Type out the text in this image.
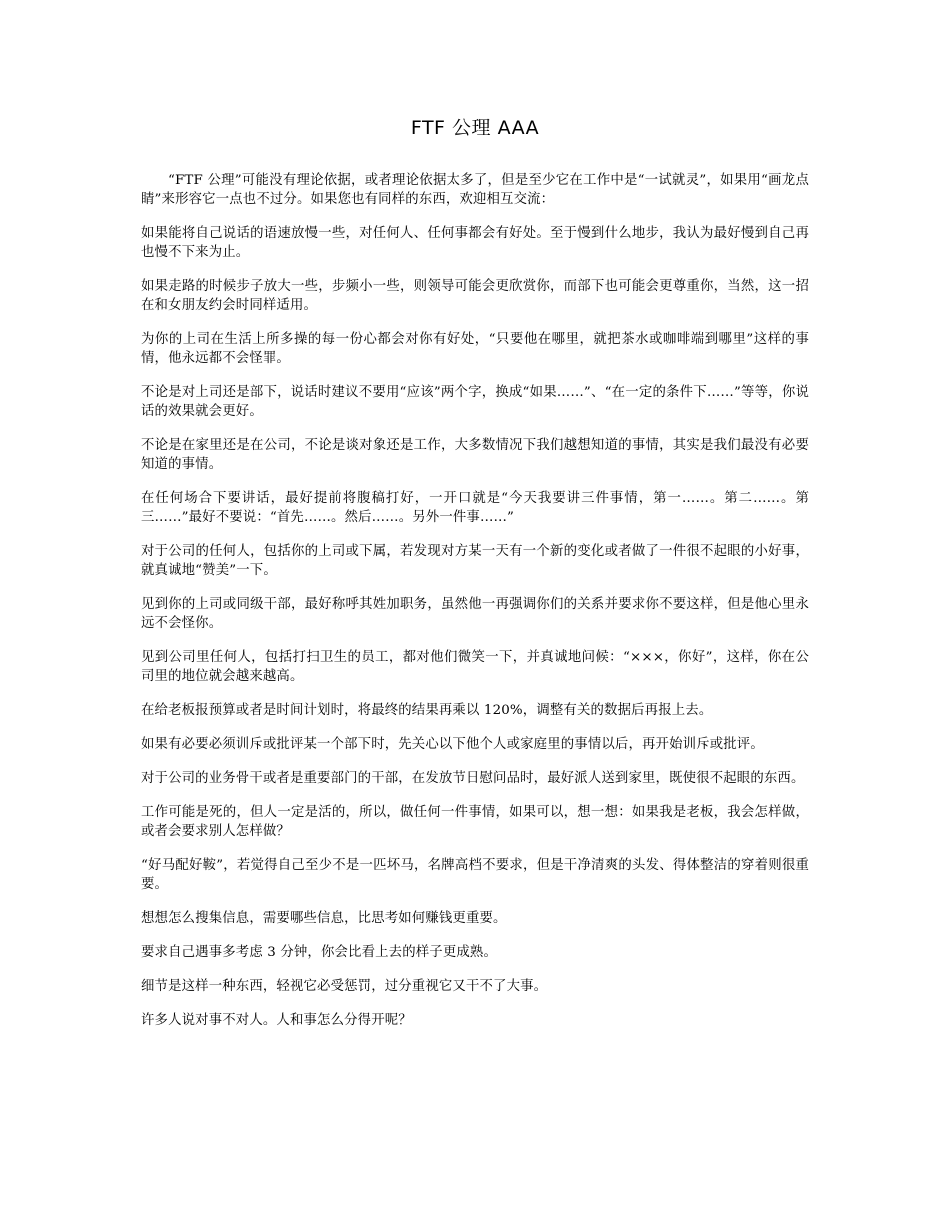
FTF 公理 AAA

“FTF 公理”可能没有理论依据，或者理论依据太多了，但是至少它在工作中是“一试就灵”，如果用“画龙点睛”来形容它一点也不过分。如果您也有同样的东西，欢迎相互交流：

如果能将自己说话的语速放慢一些，对任何人、任何事都会有好处。至于慢到什么地步，我认为最好慢到自己再也慢不下来为止。

如果走路的时候步子放大一些，步频小一些，则领导可能会更欣赏你，而部下也可能会更尊重你，当然，这一招在和女朋友约会时同样适用。

为你的上司在生活上所多操的每一份心都会对你有好处，“只要他在哪里，就把茶水或咖啡端到哪里”这样的事情，他永远都不会怪罪。

不论是对上司还是部下，说话时建议不要用“应该”两个字，换成“如果……”、“在一定的条件下……”等等，你说话的效果就会更好。

不论是在家里还是在公司，不论是谈对象还是工作，大多数情况下我们越想知道的事情，其实是我们最没有必要知道的事情。

在任何场合下要讲话，最好提前将腹稿打好，一开口就是“今天我要讲三件事情，第一……。第二……。第三……”最好不要说：“首先……。然后……。另外一件事……”

对于公司的任何人，包括你的上司或下属，若发现对方某一天有一个新的变化或者做了一件很不起眼的小好事，就真诚地“赞美”一下。

见到你的上司或同级干部，最好称呼其姓加职务，虽然他一再强调你们的关系并要求你不要这样，但是他心里永远不会怪你。

见到公司里任何人，包括打扫卫生的员工，都对他们微笑一下，并真诚地问候：“×××，你好”，这样，你在公司里的地位就会越来越高。

在给老板报预算或者是时间计划时，将最终的结果再乘以 120%，调整有关的数据后再报上去。

如果有必要必须训斥或批评某一个部下时，先关心以下他个人或家庭里的事情以后，再开始训斥或批评。

对于公司的业务骨干或者是重要部门的干部，在发放节日慰问品时，最好派人送到家里，既使很不起眼的东西。

工作可能是死的，但人一定是活的，所以，做任何一件事情，如果可以，想一想：如果我是老板，我会怎样做，或者会要求别人怎样做？

“好马配好鞍”，若觉得自己至少不是一匹坏马，名牌高档不要求，但是干净清爽的头发、得体整洁的穿着则很重要。

想想怎么搜集信息，需要哪些信息，比思考如何赚钱更重要。

要求自己遇事多考虑 3 分钟，你会比看上去的样子更成熟。

细节是这样一种东西，轻视它必受惩罚，过分重视它又干不了大事。

许多人说对事不对人。人和事怎么分得开呢？
